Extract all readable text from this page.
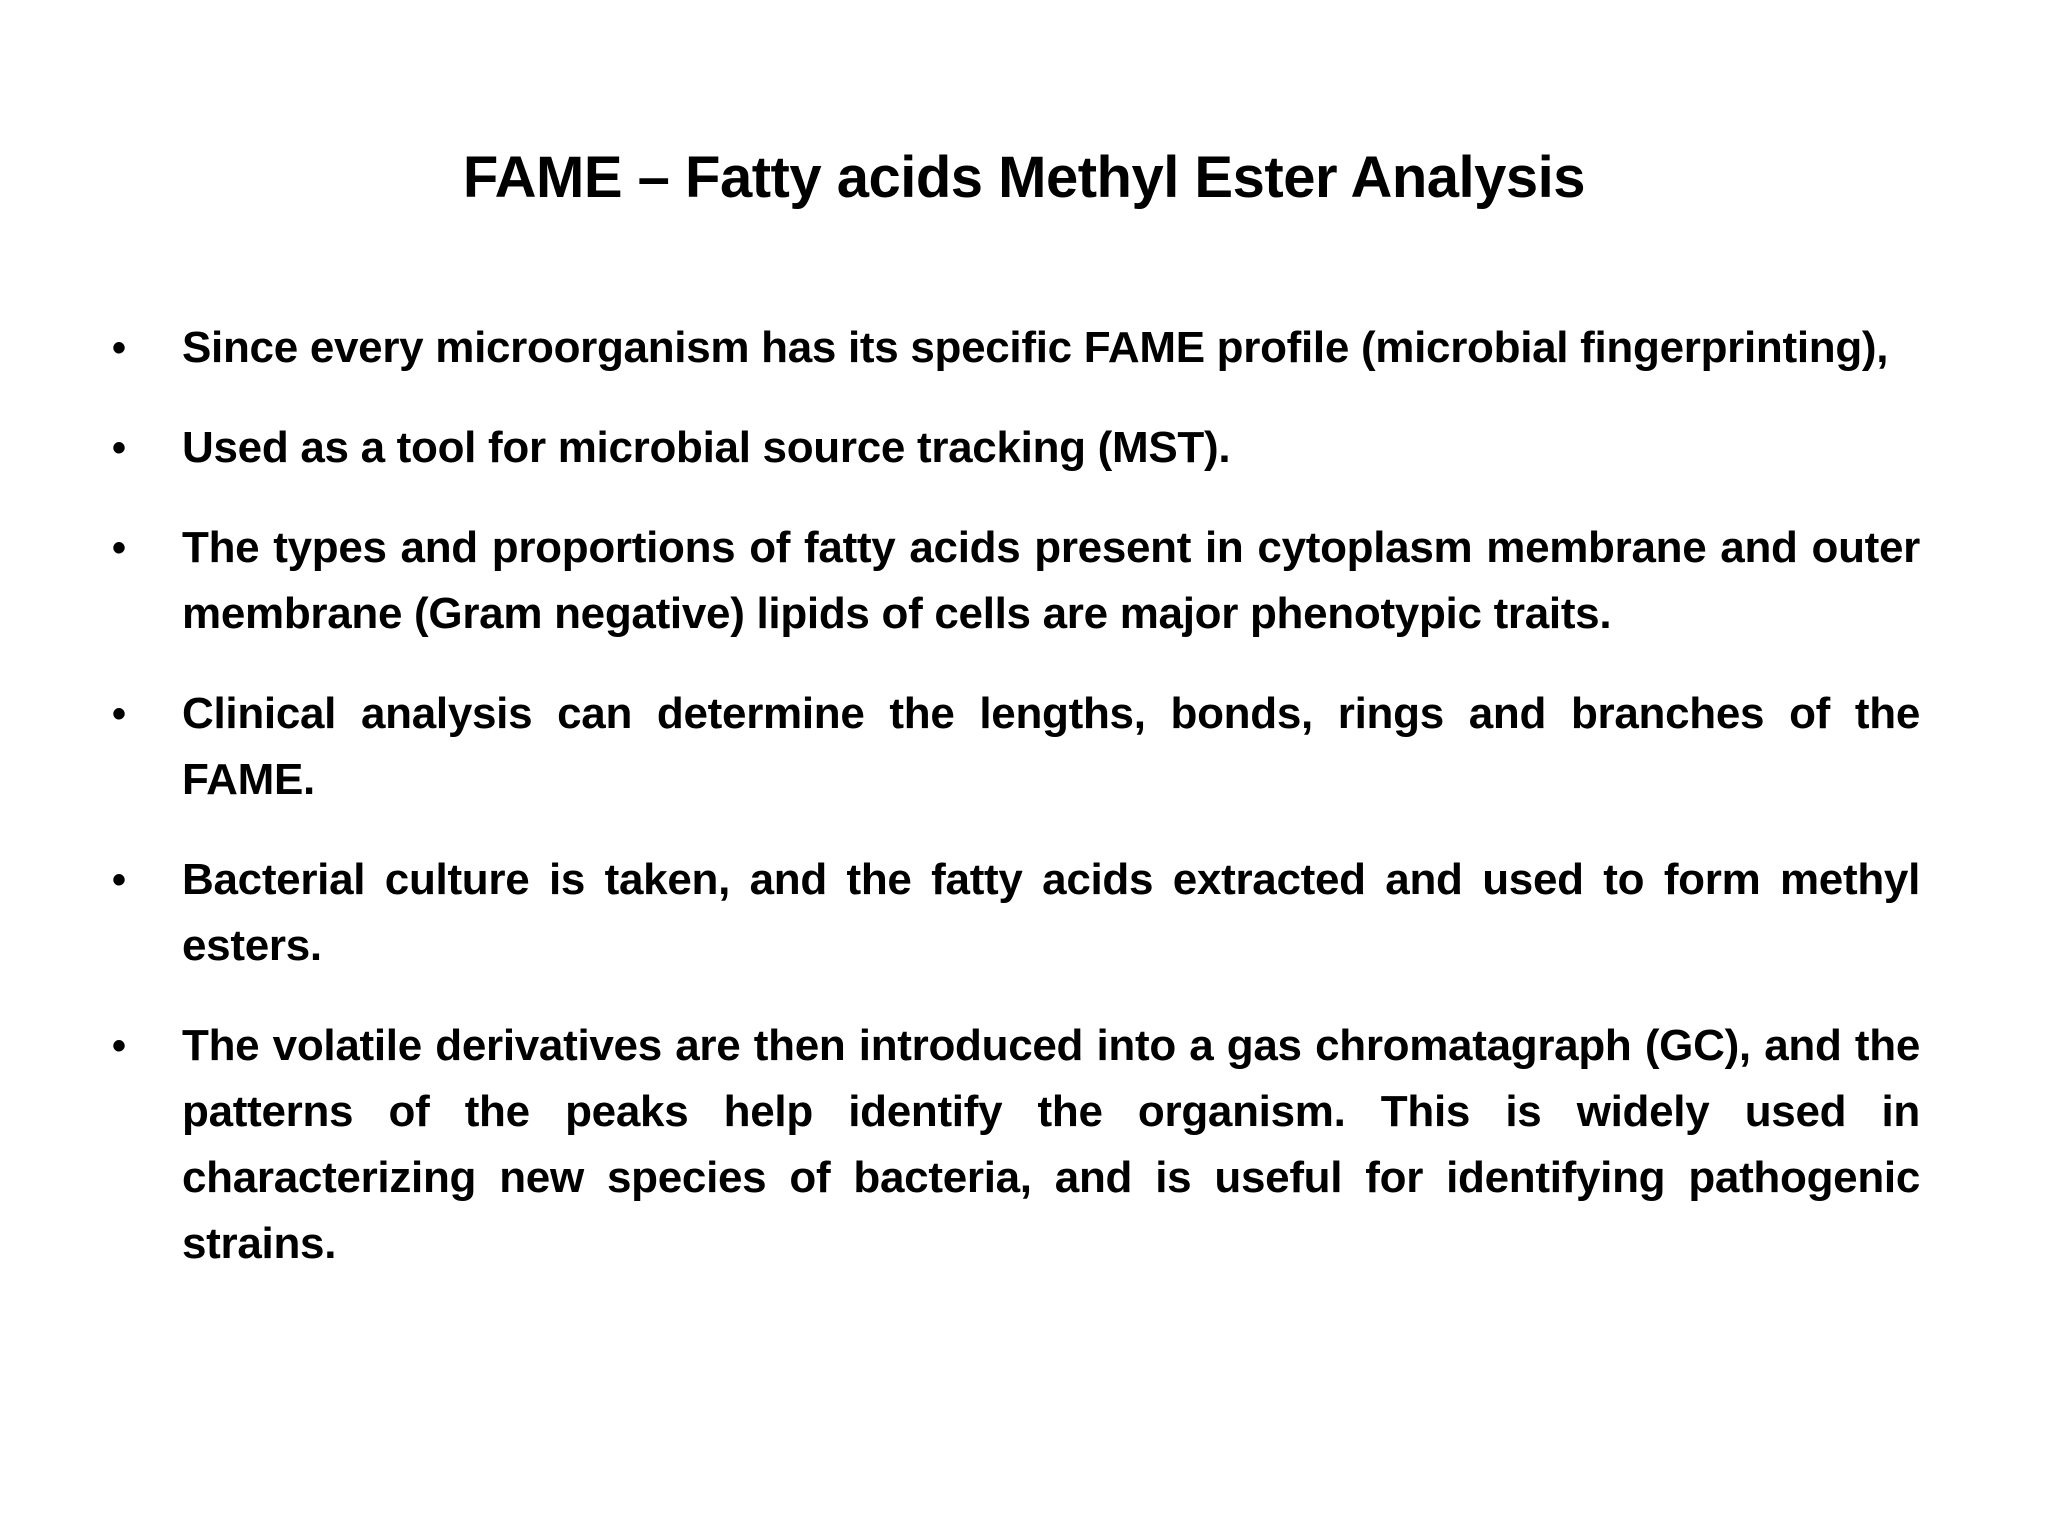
FAME – Fatty acids Methyl Ester Analysis
•	Since every microorganism has its specific FAME profile (microbial fingerprinting),
•	Used as a tool for microbial source tracking (MST).
•	The types and proportions of fatty acids present in cytoplasm membrane and outer membrane (Gram negative) lipids of cells are major phenotypic traits.
•	Clinical analysis can determine the lengths, bonds, rings and branches of the FAME.
•	Bacterial culture is taken, and the fatty acids extracted and used to form methyl esters.
•	The volatile derivatives are then introduced into a gas chromatagraph (GC), and the patterns of the peaks help identify the organism. This is widely used in characterizing new species of bacteria, and is useful for identifying pathogenic strains.
